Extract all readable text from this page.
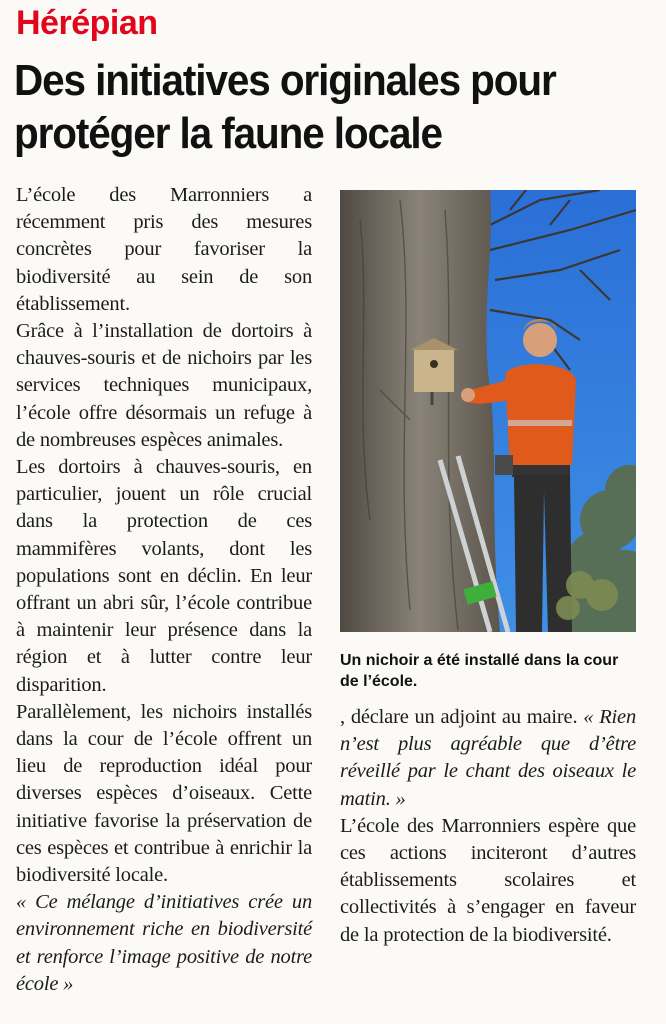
Hérépian
Des initiatives originales pour protéger la faune locale

L’école des Marronniers a récemment pris des mesures concrètes pour favoriser la biodiversité au sein de son établissement.

Grâce à l’installation de dortoirs à chauves-souris et de nichoirs par les services techniques municipaux, l’école offre désormais un refuge à de nombreuses espèces animales.

Les dortoirs à chauves-souris, en particulier, jouent un rôle crucial dans la protection de ces mammifères volants, dont les populations sont en déclin. En leur offrant un abri sûr, l’école contribue à maintenir leur présence dans la région et à lutter contre leur disparition.

Parallèlement, les nichoirs installés dans la cour de l’école offrent un lieu de reproduction idéal pour diverses espèces d’oiseaux. Cette initiative favorise la préservation de ces espèces et contribue à enrichir la biodiversité locale.

« Ce mélange d’initiatives crée un environnement riche en biodiversité et renforce l’image positive de notre école »

Un nichoir a été installé dans la cour de l’école.

, déclare un adjoint au maire. « Rien n’est plus agréable que d’être réveillé par le chant des oiseaux le matin. »

L’école des Marronniers espère que ces actions inciteront d’autres établissements scolaires et collectivités à s’engager en faveur de la protection de la biodiversité.
